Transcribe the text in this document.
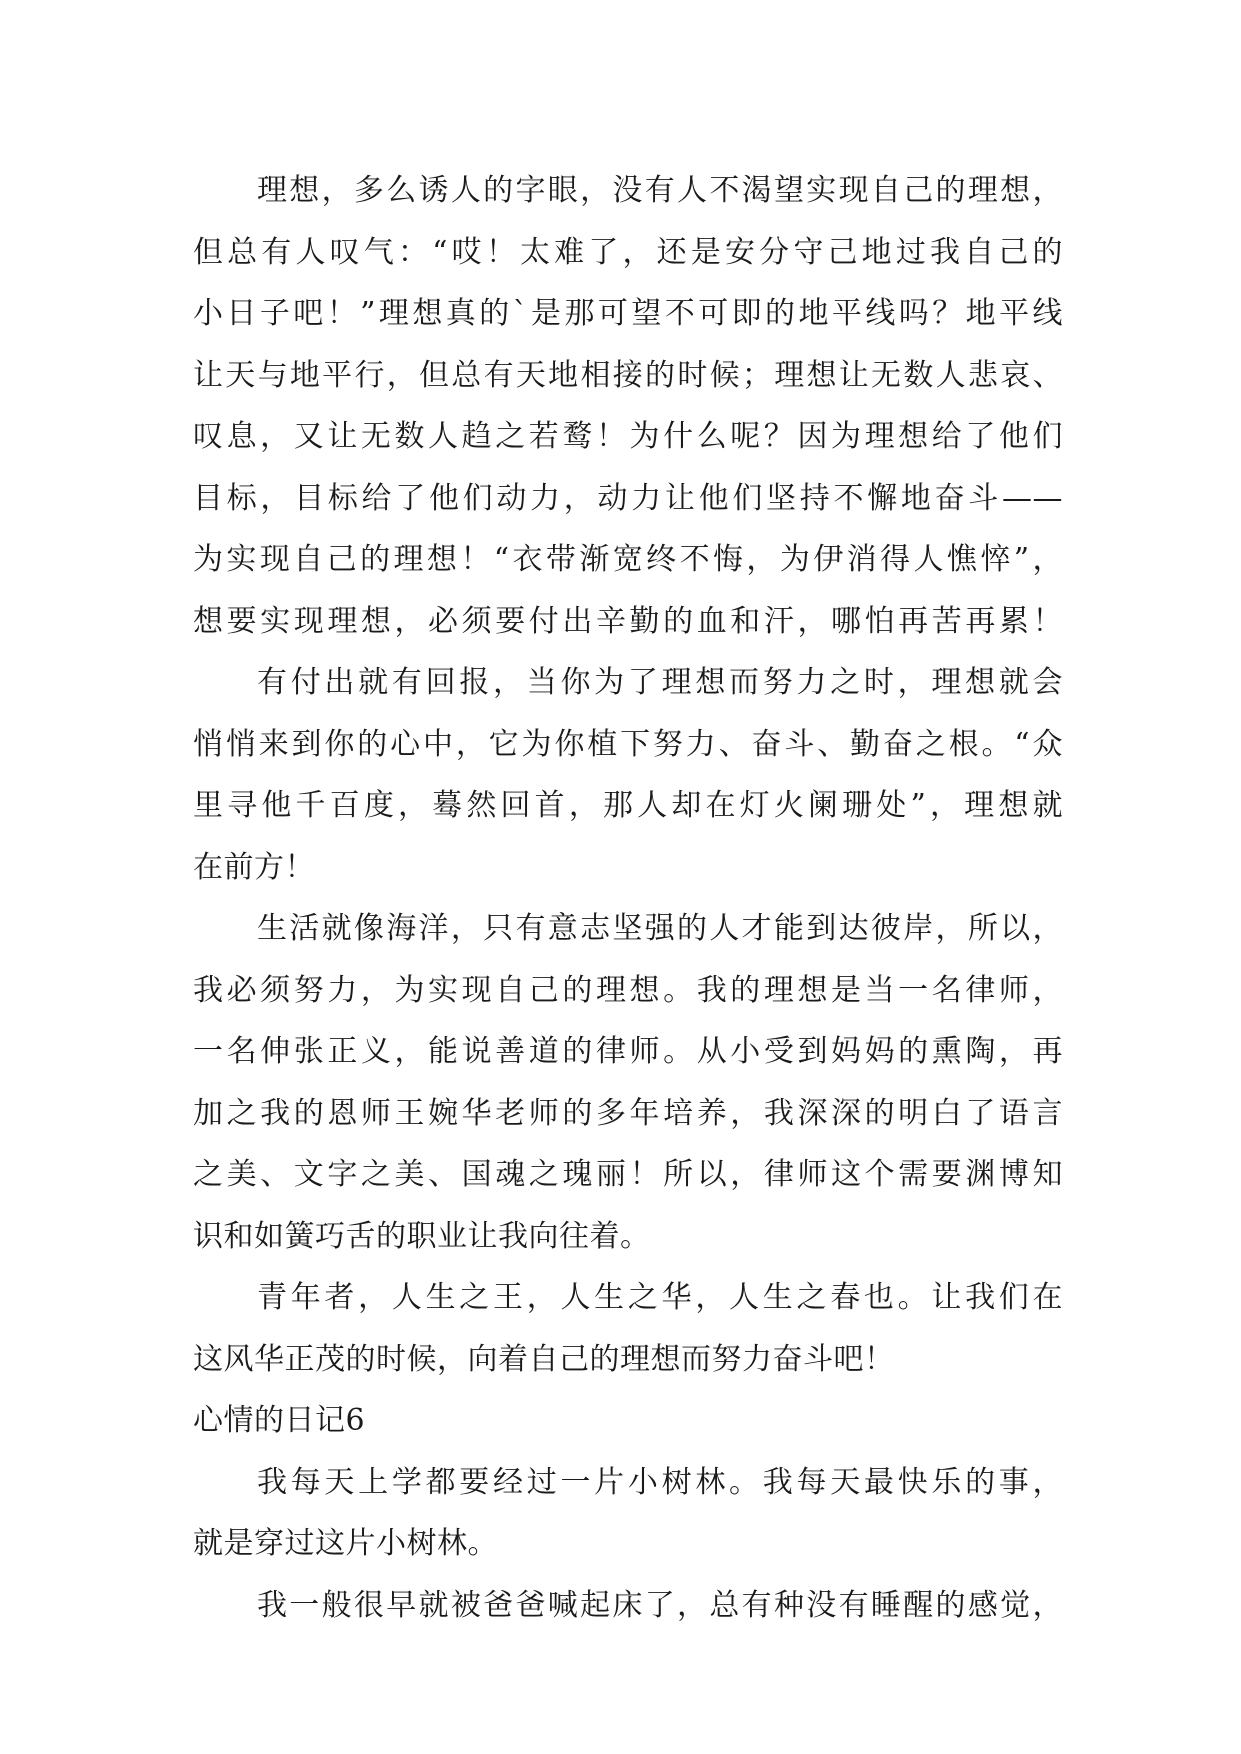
理想，多么诱人的字眼，没有人不渴望实现自己的理想，
但总有人叹气：“哎！太难了，还是安分守己地过我自己的
小日子吧！”理想真的`是那可望不可即的地平线吗？地平线
让天与地平行，但总有天地相接的时候；理想让无数人悲哀、
叹息，又让无数人趋之若鹜！为什么呢？因为理想给了他们
目标，目标给了他们动力，动力让他们坚持不懈地奋斗——
为实现自己的理想！“衣带渐宽终不悔，为伊消得人憔悴”，
想要实现理想，必须要付出辛勤的血和汗，哪怕再苦再累！
有付出就有回报，当你为了理想而努力之时，理想就会
悄悄来到你的心中，它为你植下努力、奋斗、勤奋之根。“众
里寻他千百度，蓦然回首，那人却在灯火阑珊处”，理想就
在前方！
生活就像海洋，只有意志坚强的人才能到达彼岸，所以，
我必须努力，为实现自己的理想。我的理想是当一名律师，
一名伸张正义，能说善道的律师。从小受到妈妈的熏陶，再
加之我的恩师王婉华老师的多年培养，我深深的明白了语言
之美、文字之美、国魂之瑰丽！所以，律师这个需要渊博知
识和如簧巧舌的职业让我向往着。
青年者，人生之王，人生之华，人生之春也。让我们在
这风华正茂的时候，向着自己的理想而努力奋斗吧！
心情的日记6
我每天上学都要经过一片小树林。我每天最快乐的事，
就是穿过这片小树林。
我一般很早就被爸爸喊起床了，总有种没有睡醒的感觉，
